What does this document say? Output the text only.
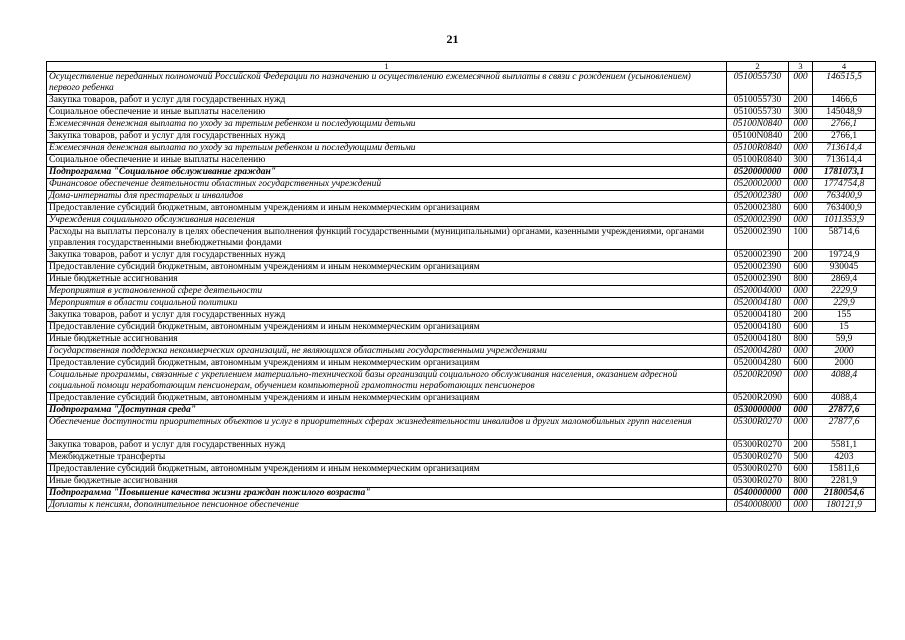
21
1	2	3	4
Осуществление переданных полномочий Российской Федерации по назначению и осуществлению ежемесячной выплаты в связи с рождением (усыновлением) первого ребенка	0510055730	000	146515,5
Закупка товаров, работ и услуг для государственных нужд	0510055730	200	1466,6
Социальное обеспечение и иные выплаты населению	0510055730	300	145048,9
Ежемесячная денежная выплата по уходу за третьим ребенком и последующими детьми	05100N0840	000	2766,1
Закупка товаров, работ и услуг для государственных нужд	05100N0840	200	2766,1
Ежемесячная денежная выплата по уходу за третьим ребенком и последующими детьми	05100R0840	000	713614,4
Социальное обеспечение и иные выплаты населению	05100R0840	300	713614,4
Подпрограмма "Социальное обслуживание граждан"	0520000000	000	1781073,1
Финансовое обеспечение деятельности областных государственных учреждений	0520002000	000	1774754,8
Дома-интернаты для престарелых и инвалидов	0520002380	000	763400,9
Предоставление субсидий бюджетным, автономным учреждениям и иным некоммерческим организациям	0520002380	600	763400,9
Учреждения социального обслуживания населения	0520002390	000	1011353,9
Расходы на выплаты персоналу в целях обеспечения выполнения функций государственными (муниципальными) органами, казенными учреждениями, органами управления государственными внебюджетными фондами	0520002390	100	58714,6
Закупка товаров, работ и услуг для государственных нужд	0520002390	200	19724,9
Предоставление субсидий бюджетным, автономным учреждениям и иным некоммерческим организациям	0520002390	600	930045
Иные бюджетные ассигнования	0520002390	800	2869,4
Мероприятия в установленной сфере деятельности	0520004000	000	2229,9
Мероприятия в области социальной политики	0520004180	000	229,9
Закупка товаров, работ и услуг для государственных нужд	0520004180	200	155
Предоставление субсидий бюджетным, автономным учреждениям и иным некоммерческим организациям	0520004180	600	15
Иные бюджетные ассигнования	0520004180	800	59,9
Государственная поддержка некоммерческих организаций, не являющихся областными государственными учреждениями	0520004280	000	2000
Предоставление субсидий бюджетным, автономным учреждениям и иным некоммерческим организациям	0520004280	600	2000
Социальные программы, связанные с укреплением материально-технической базы организаций социального обслуживания населения, оказанием адресной социальной помощи неработающим пенсионерам, обучением компьютерной грамотности неработающих пенсионеров	05200R2090	000	4088,4
Предоставление субсидий бюджетным, автономным учреждениям и иным некоммерческим организациям	05200R2090	600	4088,4
Подпрограмма "Доступная среда"	0530000000	000	27877,6
Обеспечение доступности приоритетных объектов и услуг в приоритетных сферах жизнедеятельности инвалидов и других маломобильных групп населения	05300R0270	000	27877,6
Закупка товаров, работ и услуг для государственных нужд	05300R0270	200	5581,1
Межбюджетные трансферты	05300R0270	500	4203
Предоставление субсидий бюджетным, автономным учреждениям и иным некоммерческим организациям	05300R0270	600	15811,6
Иные бюджетные ассигнования	05300R0270	800	2281,9
Подпрограмма "Повышение качества жизни граждан пожилого возраста"	0540000000	000	2180054,6
Доплаты к пенсиям, дополнительное пенсионное обеспечение	0540008000	000	180121,9
